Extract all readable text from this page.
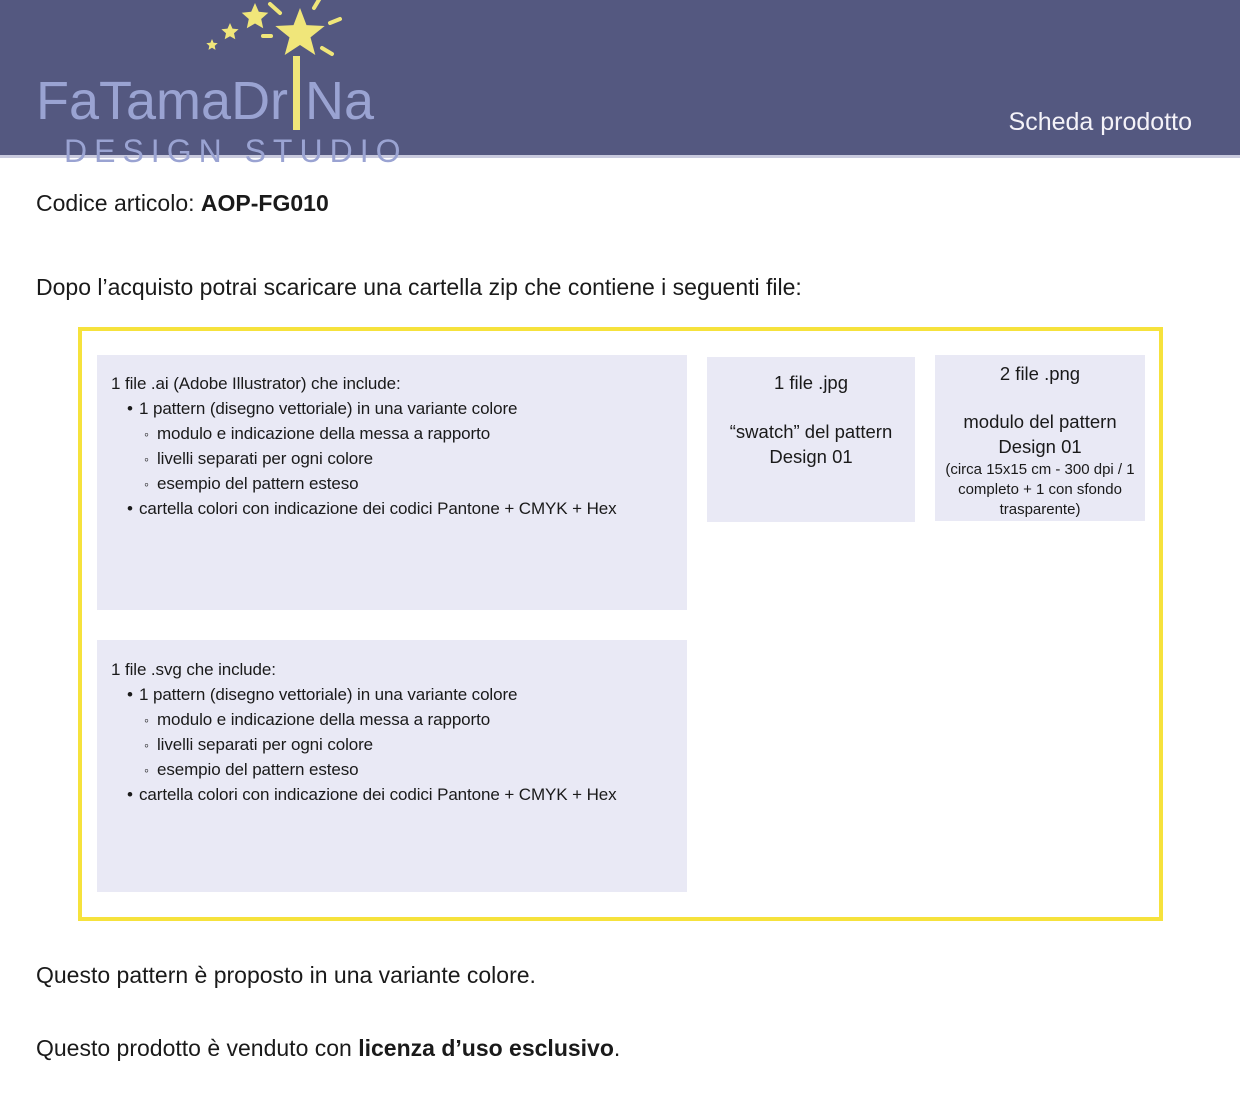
FaTamaDr Na
DESIGN STUDIO
Scheda prodotto
Codice articolo: AOP-FG010
Dopo l’acquisto potrai scaricare una cartella zip che contiene i seguenti file:
1 file .ai (Adobe Illustrator) che include:
• 1 pattern (disegno vettoriale) in una variante colore
◦ modulo e indicazione della messa a rapporto
◦ livelli separati per ogni colore
◦ esempio del pattern esteso
• cartella colori con indicazione dei codici Pantone + CMYK + Hex
1 file .jpg
“swatch” del pattern
Design 01
2 file .png
modulo del pattern
Design 01
(circa 15x15 cm - 300 dpi / 1 completo + 1 con sfondo trasparente)
1 file .svg che include:
• 1 pattern (disegno vettoriale) in una variante colore
◦ modulo e indicazione della messa a rapporto
◦ livelli separati per ogni colore
◦ esempio del pattern esteso
• cartella colori con indicazione dei codici Pantone + CMYK + Hex
Questo pattern è proposto in una variante colore.
Questo prodotto è venduto con licenza d’uso esclusivo.
